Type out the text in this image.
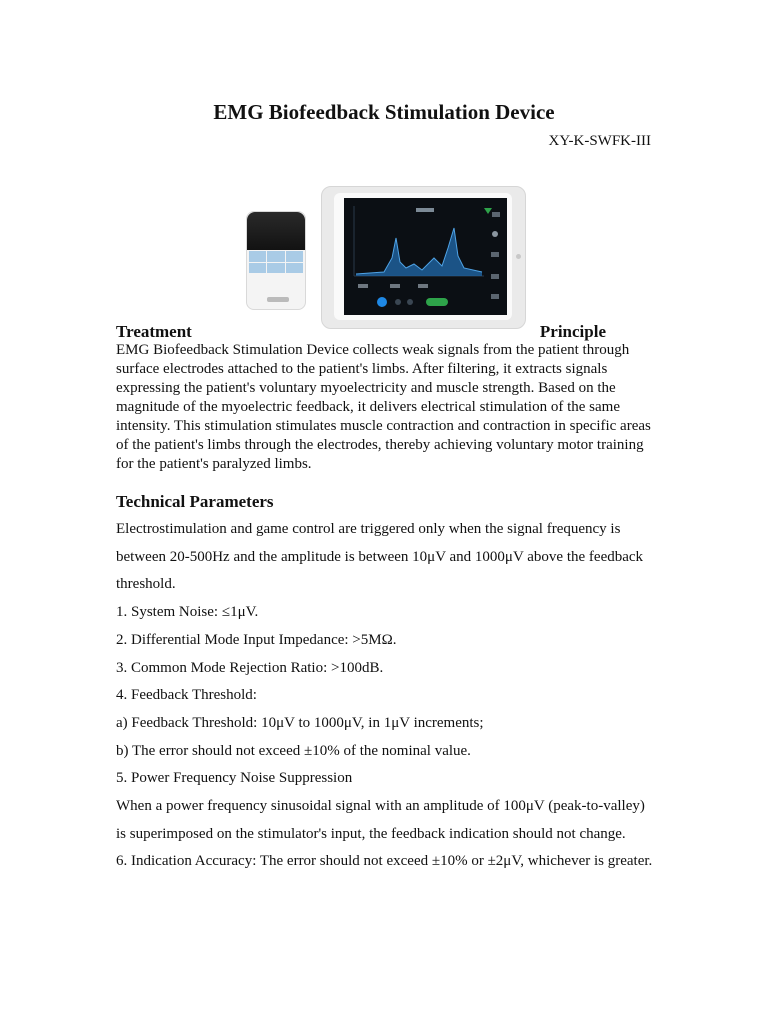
EMG Biofeedback Stimulation Device
XY-K-SWFK-III
Treatment	Principle

EMG Biofeedback Stimulation Device collects weak signals from the patient through surface electrodes attached to the patient's limbs. After filtering, it extracts signals expressing the patient's voluntary myoelectricity and muscle strength. Based on the magnitude of the myoelectric feedback, it delivers electrical stimulation of the same intensity. This stimulation stimulates muscle contraction and contraction in specific areas of the patient's limbs through the electrodes, thereby achieving voluntary motor training for the patient's paralyzed limbs.

Technical Parameters

Electrostimulation and game control are triggered only when the signal frequency is between 20-500Hz and the amplitude is between 10μV and 1000μV above the feedback threshold.

1. System Noise: ≤1μV.

2. Differential Mode Input Impedance: >5MΩ.

3. Common Mode Rejection Ratio: >100dB.

4. Feedback Threshold:

a) Feedback Threshold: 10μV to 1000μV, in 1μV increments;

b) The error should not exceed ±10% of the nominal value.

5. Power Frequency Noise Suppression

When a power frequency sinusoidal signal with an amplitude of 100μV (peak-to-valley) is superimposed on the stimulator's input, the feedback indication should not change.

6. Indication Accuracy: The error should not exceed ±10% or ±2μV, whichever is greater.
